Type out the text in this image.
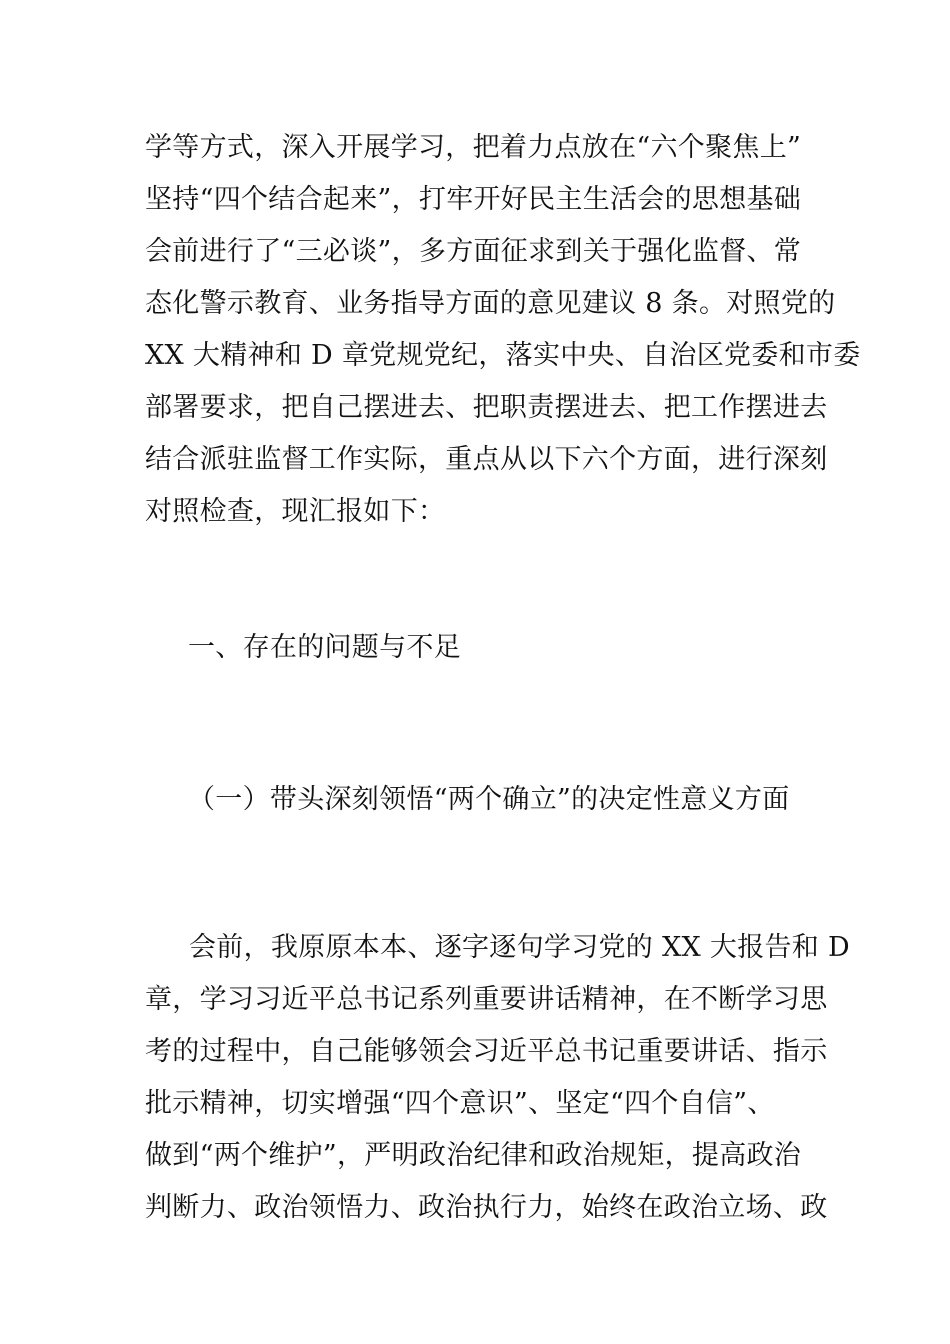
学等方式，深入开展学习，把着力点放在“六个聚焦上”
坚持“四个结合起来”，打牢开好民主生活会的思想基础
会前进行了“三必谈”，多方面征求到关于强化监督、常
态化警示教育、业务指导方面的意见建议 8 条。对照党的
XX 大精神和 D 章党规党纪，落实中央、自治区党委和市委
部署要求，把自己摆进去、把职责摆进去、把工作摆进去
结合派驻监督工作实际，重点从以下六个方面，进行深刻
对照检查，现汇报如下：
一、存在的问题与不足
（一）带头深刻领悟“两个确立”的决定性意义方面
会前，我原原本本、逐字逐句学习党的 XX 大报告和 D
章，学习习近平总书记系列重要讲话精神，在不断学习思
考的过程中，自己能够领会习近平总书记重要讲话、指示
批示精神，切实增强“四个意识”、坚定“四个自信”、
做到“两个维护”，严明政治纪律和政治规矩，提高政治
判断力、政治领悟力、政治执行力，始终在政治立场、政
